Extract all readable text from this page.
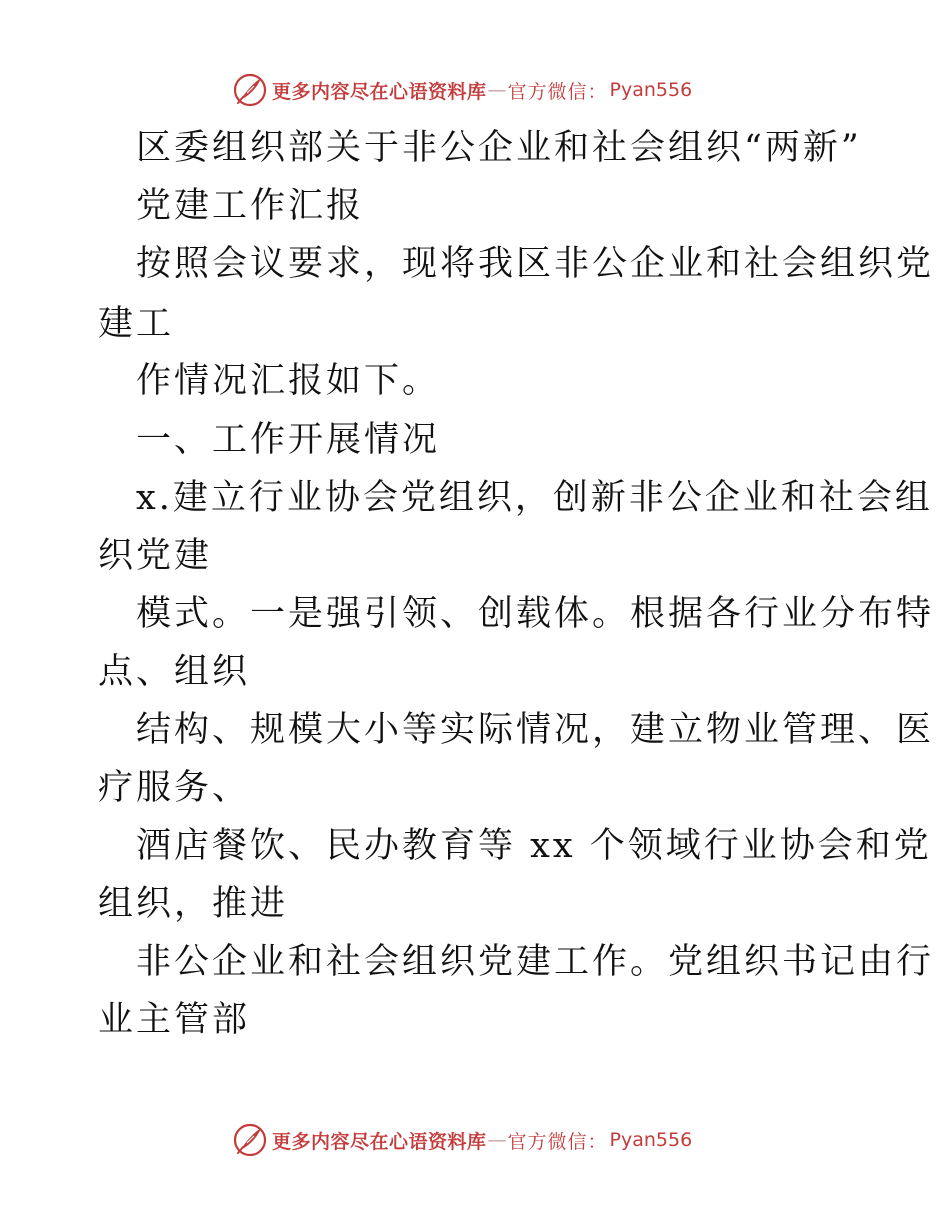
更多内容尽在心语资料库 — 官方微信： Pyan556
区委组织部关于非公企业和社会组织“两新”
党建工作汇报
按照会议要求，现将我区非公企业和社会组织党
建工
作情况汇报如下。
一、工作开展情况
x.建立行业协会党组织，创新非公企业和社会组
织党建
模式。一是强引领、创载体。根据各行业分布特
点、组织
结构、规模大小等实际情况，建立物业管理、医
疗服务、
酒店餐饮、民办教育等 xx 个领域行业协会和党
组织，推进
非公企业和社会组织党建工作。党组织书记由行
业主管部
更多内容尽在心语资料库 — 官方微信： Pyan556
